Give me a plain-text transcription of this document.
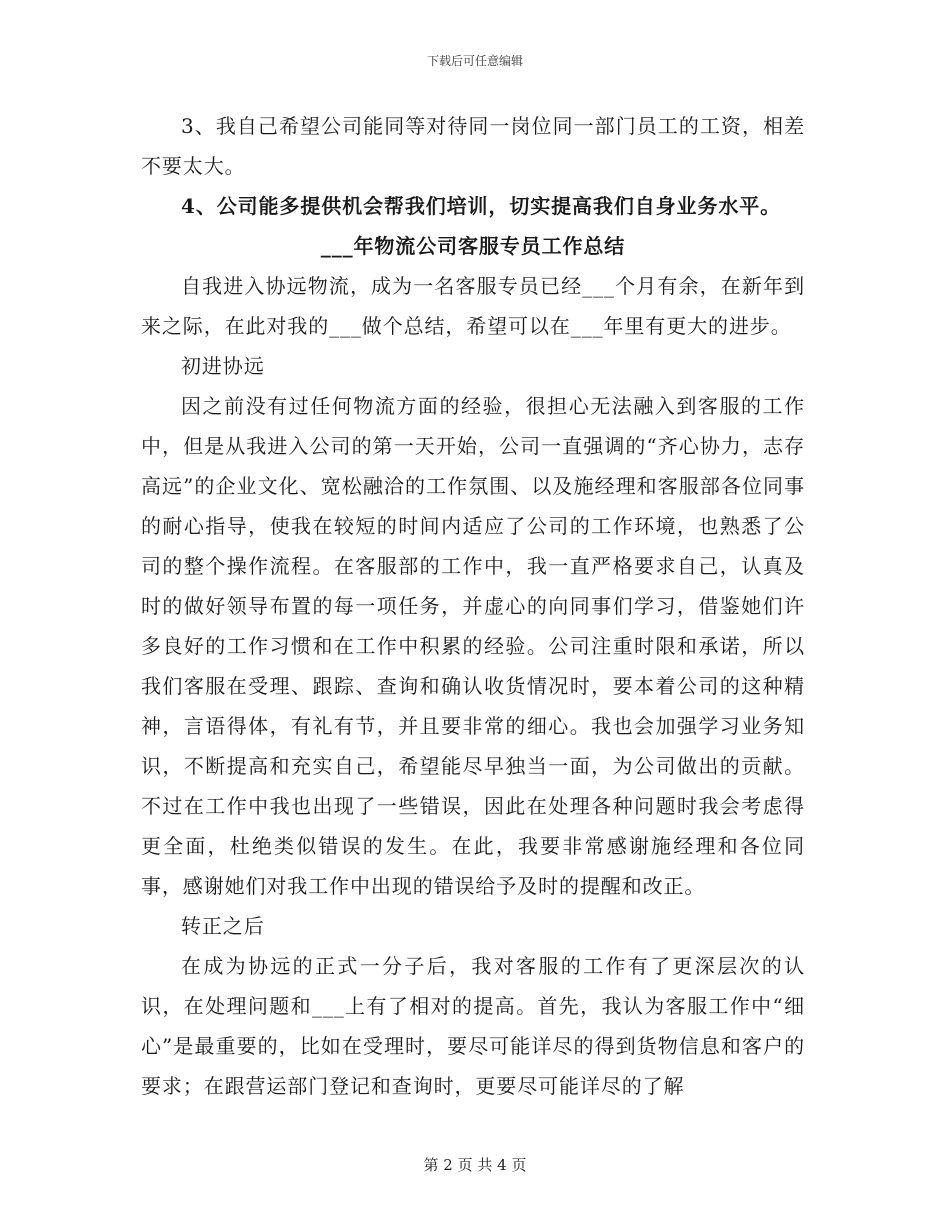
下载后可任意编辑

3、我自己希望公司能同等对待同一岗位同一部门员工的工资，相差不要太大。

4、公司能多提供机会帮我们培训，切实提高我们自身业务水平。

___年物流公司客服专员工作总结

自我进入协远物流，成为一名客服专员已经___个月有余，在新年到来之际，在此对我的___做个总结，希望可以在___年里有更大的进步。

初进协远

因之前没有过任何物流方面的经验，很担心无法融入到客服的工作中，但是从我进入公司的第一天开始，公司一直强调的“齐心协力，志存高远”的企业文化、宽松融洽的工作氛围、以及施经理和客服部各位同事的耐心指导，使我在较短的时间内适应了公司的工作环境，也熟悉了公司的整个操作流程。在客服部的工作中，我一直严格要求自己，认真及时的做好领导布置的每一项任务，并虚心的向同事们学习，借鉴她们许多良好的工作习惯和在工作中积累的经验。公司注重时限和承诺，所以我们客服在受理、跟踪、查询和确认收货情况时，要本着公司的这种精神，言语得体，有礼有节，并且要非常的细心。我也会加强学习业务知识，不断提高和充实自己，希望能尽早独当一面，为公司做出的贡献。不过在工作中我也出现了一些错误，因此在处理各种问题时我会考虑得更全面，杜绝类似错误的发生。在此，我要非常感谢施经理和各位同事，感谢她们对我工作中出现的错误给予及时的提醒和改正。

转正之后

在成为协远的正式一分子后，我对客服的工作有了更深层次的认识，在处理问题和___上有了相对的提高。首先，我认为客服工作中“细心”是最重要的，比如在受理时，要尽可能详尽的得到货物信息和客户的要求；在跟营运部门登记和查询时，更要尽可能详尽的了解

第 2 页 共 4 页
